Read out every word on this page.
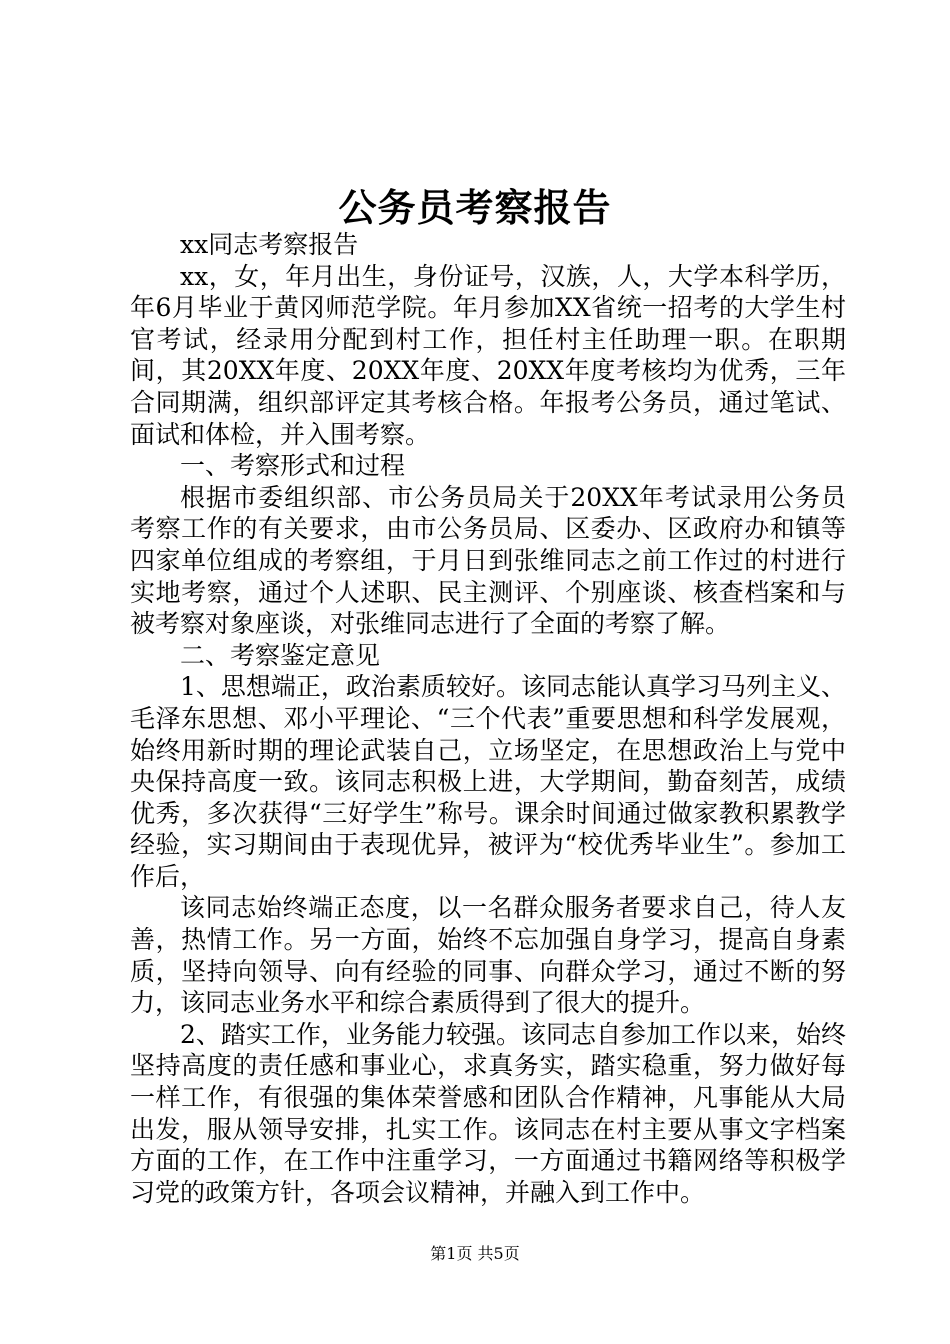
公务员考察报告

xx同志考察报告

xx，女，年月出生，身份证号，汉族，人，大学本科学历，年6月毕业于黄冈师范学院。年月参加XX省统一招考的大学生村官考试，经录用分配到村工作，担任村主任助理一职。在职期间，其20XX年度、20XX年度、20XX年度考核均为优秀，三年合同期满，组织部评定其考核合格。年报考公务员，通过笔试、面试和体检，并入围考察。

一、考察形式和过程

根据市委组织部、市公务员局关于20XX年考试录用公务员考察工作的有关要求，由市公务员局、区委办、区政府办和镇等四家单位组成的考察组，于月日到张维同志之前工作过的村进行实地考察，通过个人述职、民主测评、个别座谈、核查档案和与被考察对象座谈，对张维同志进行了全面的考察了解。

二、考察鉴定意见

1、思想端正，政治素质较好。该同志能认真学习马列主义、毛泽东思想、邓小平理论、“三个代表”重要思想和科学发展观，始终用新时期的理论武装自己，立场坚定，在思想政治上与党中央保持高度一致。该同志积极上进，大学期间，勤奋刻苦，成绩优秀，多次获得“三好学生”称号。课余时间通过做家教积累教学经验，实习期间由于表现优异，被评为“校优秀毕业生”。参加工作后，

该同志始终端正态度，以一名群众服务者要求自己，待人友善，热情工作。另一方面，始终不忘加强自身学习，提高自身素质，坚持向领导、向有经验的同事、向群众学习，通过不断的努力，该同志业务水平和综合素质得到了很大的提升。

2、踏实工作，业务能力较强。该同志自参加工作以来，始终坚持高度的责任感和事业心，求真务实，踏实稳重，努力做好每一样工作，有很强的集体荣誉感和团队合作精神，凡事能从大局出发，服从领导安排，扎实工作。该同志在村主要从事文字档案方面的工作，在工作中注重学习，一方面通过书籍网络等积极学习党的政策方针，各项会议精神，并融入到工作中。

第1页 共5页
